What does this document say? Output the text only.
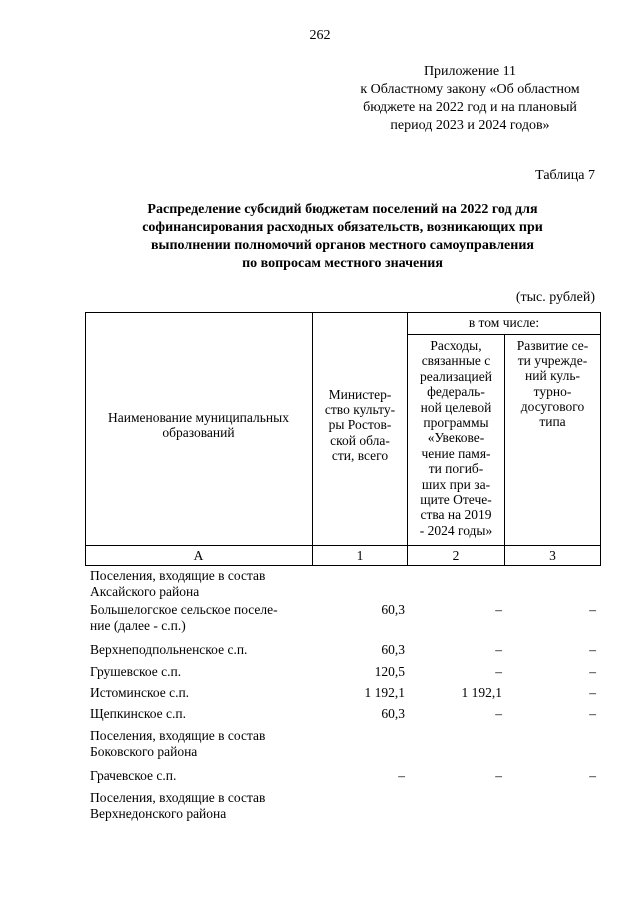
262
Приложение 11
к Областному закону «Об областном
бюджете на 2022 год и на плановый
период 2023 и 2024 годов»
Таблица 7
Распределение субсидий бюджетам поселений на 2022 год для
софинансирования расходных обязательств, возникающих при
выполнении полномочий органов местного самоуправления
по вопросам местного значения
(тыс. рублей)
Наименование муниципальных
образований
Министер-
ство культу-
ры Ростов-
ской обла-
сти, всего
в том числе:
Расходы,
связанные с
реализацией
федераль-
ной целевой
программы
«Увекове-
чение памя-
ти погиб-
ших при за-
щите Отече-
ства на 2019
- 2024 годы»
Развитие се-
ти учрежде-
ний куль-
турно-
досугового
типа
А	1	2	3
Поселения, входящие в состав
Аксайского района
Большелогское сельское поселе-
ние (далее - с.п.)
60,3	–	–
Верхнеподпольненское с.п.	60,3	–	–
Грушевское с.п.	120,5	–	–
Истоминское с.п.	1 192,1	1 192,1	–
Щепкинское с.п.	60,3	–	–
Поселения, входящие в состав
Боковского района
Грачевское с.п.	–	–	–
Поселения, входящие в состав
Верхнедонского района
